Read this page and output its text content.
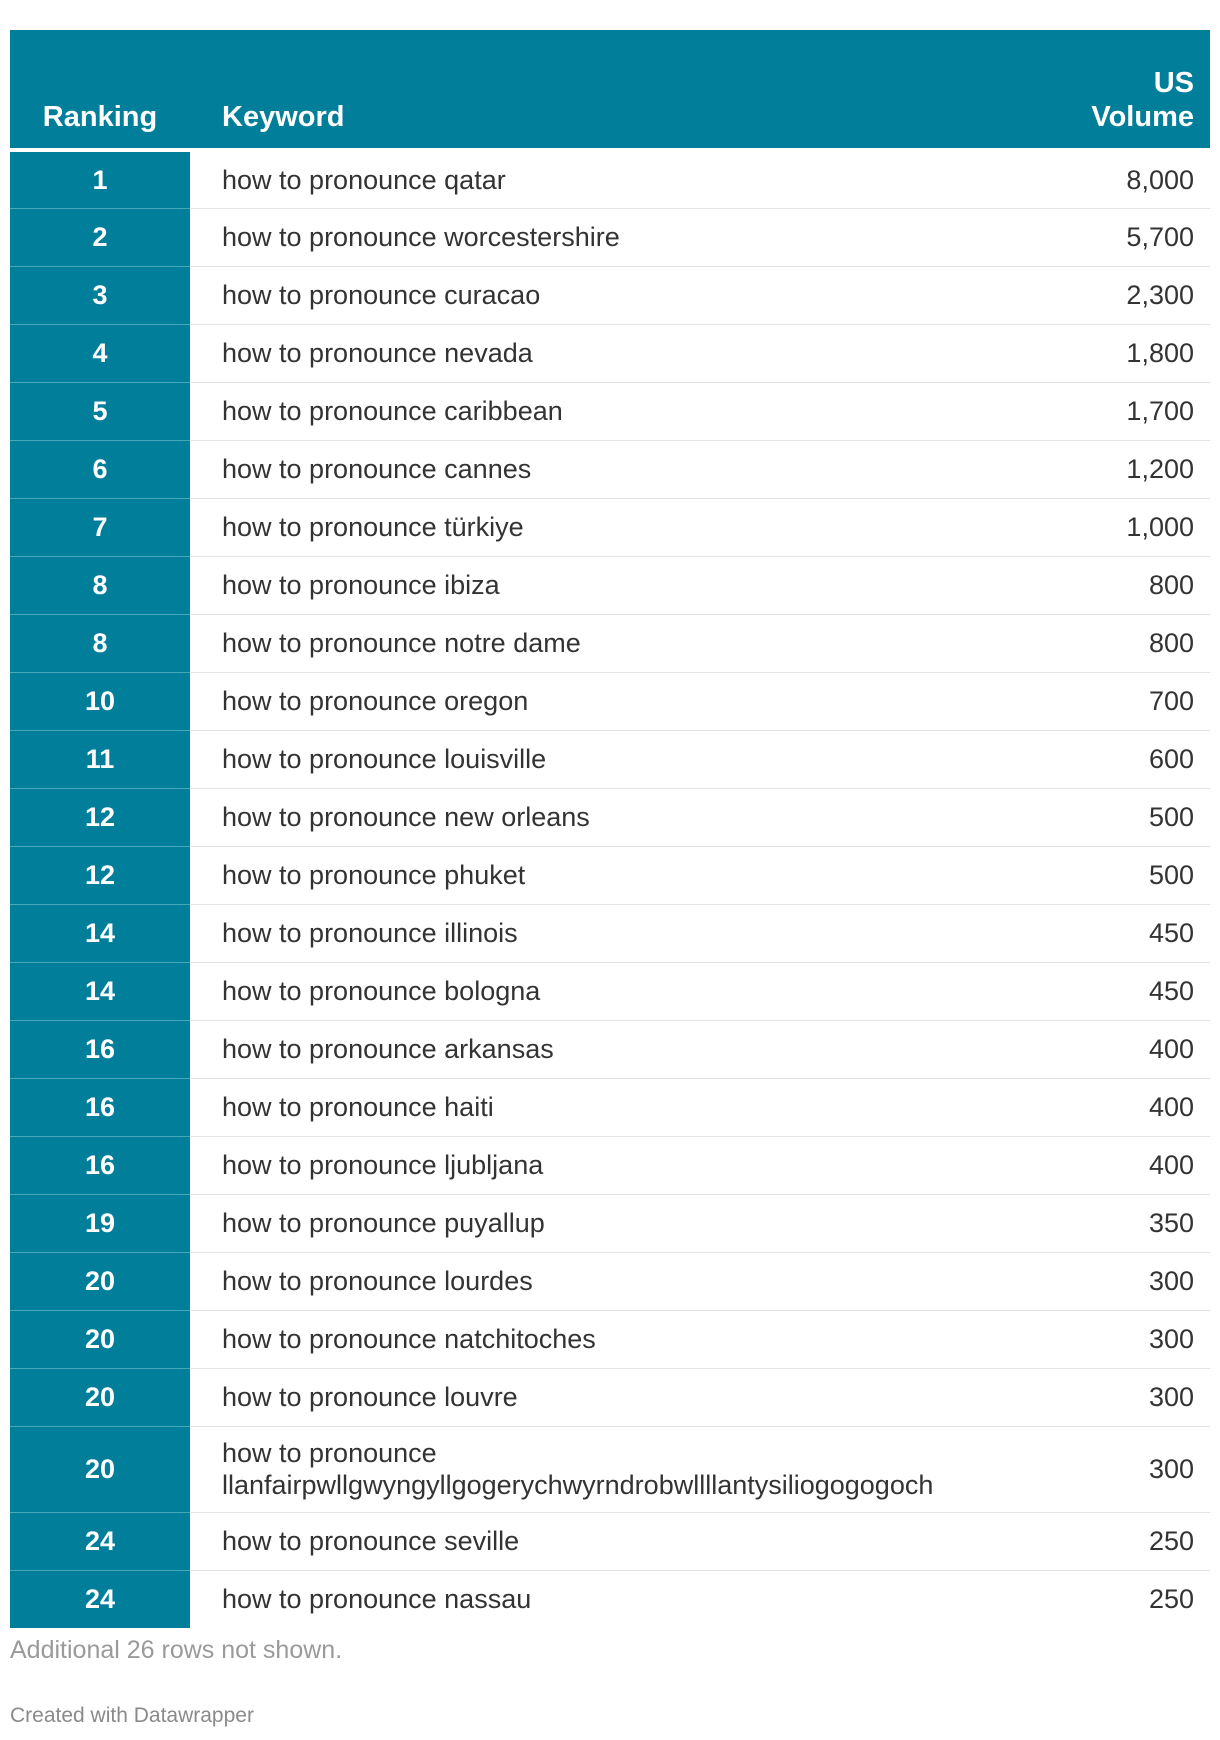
Ranking	Keyword	US
Volume
1	how to pronounce qatar	8,000
2	how to pronounce worcestershire	5,700
3	how to pronounce curacao	2,300
4	how to pronounce nevada	1,800
5	how to pronounce caribbean	1,700
6	how to pronounce cannes	1,200
7	how to pronounce türkiye	1,000
8	how to pronounce ibiza	800
8	how to pronounce notre dame	800
10	how to pronounce oregon	700
11	how to pronounce louisville	600
12	how to pronounce new orleans	500
12	how to pronounce phuket	500
14	how to pronounce illinois	450
14	how to pronounce bologna	450
16	how to pronounce arkansas	400
16	how to pronounce haiti	400
16	how to pronounce ljubljana	400
19	how to pronounce puyallup	350
20	how to pronounce lourdes	300
20	how to pronounce natchitoches	300
20	how to pronounce louvre	300
20	how to pronounce
llanfairpwllgwyngyllgogerychwyrndrobwllllantysiliogogogoch	300
24	how to pronounce seville	250
24	how to pronounce nassau	250
Additional 26 rows not shown.
Created with Datawrapper
